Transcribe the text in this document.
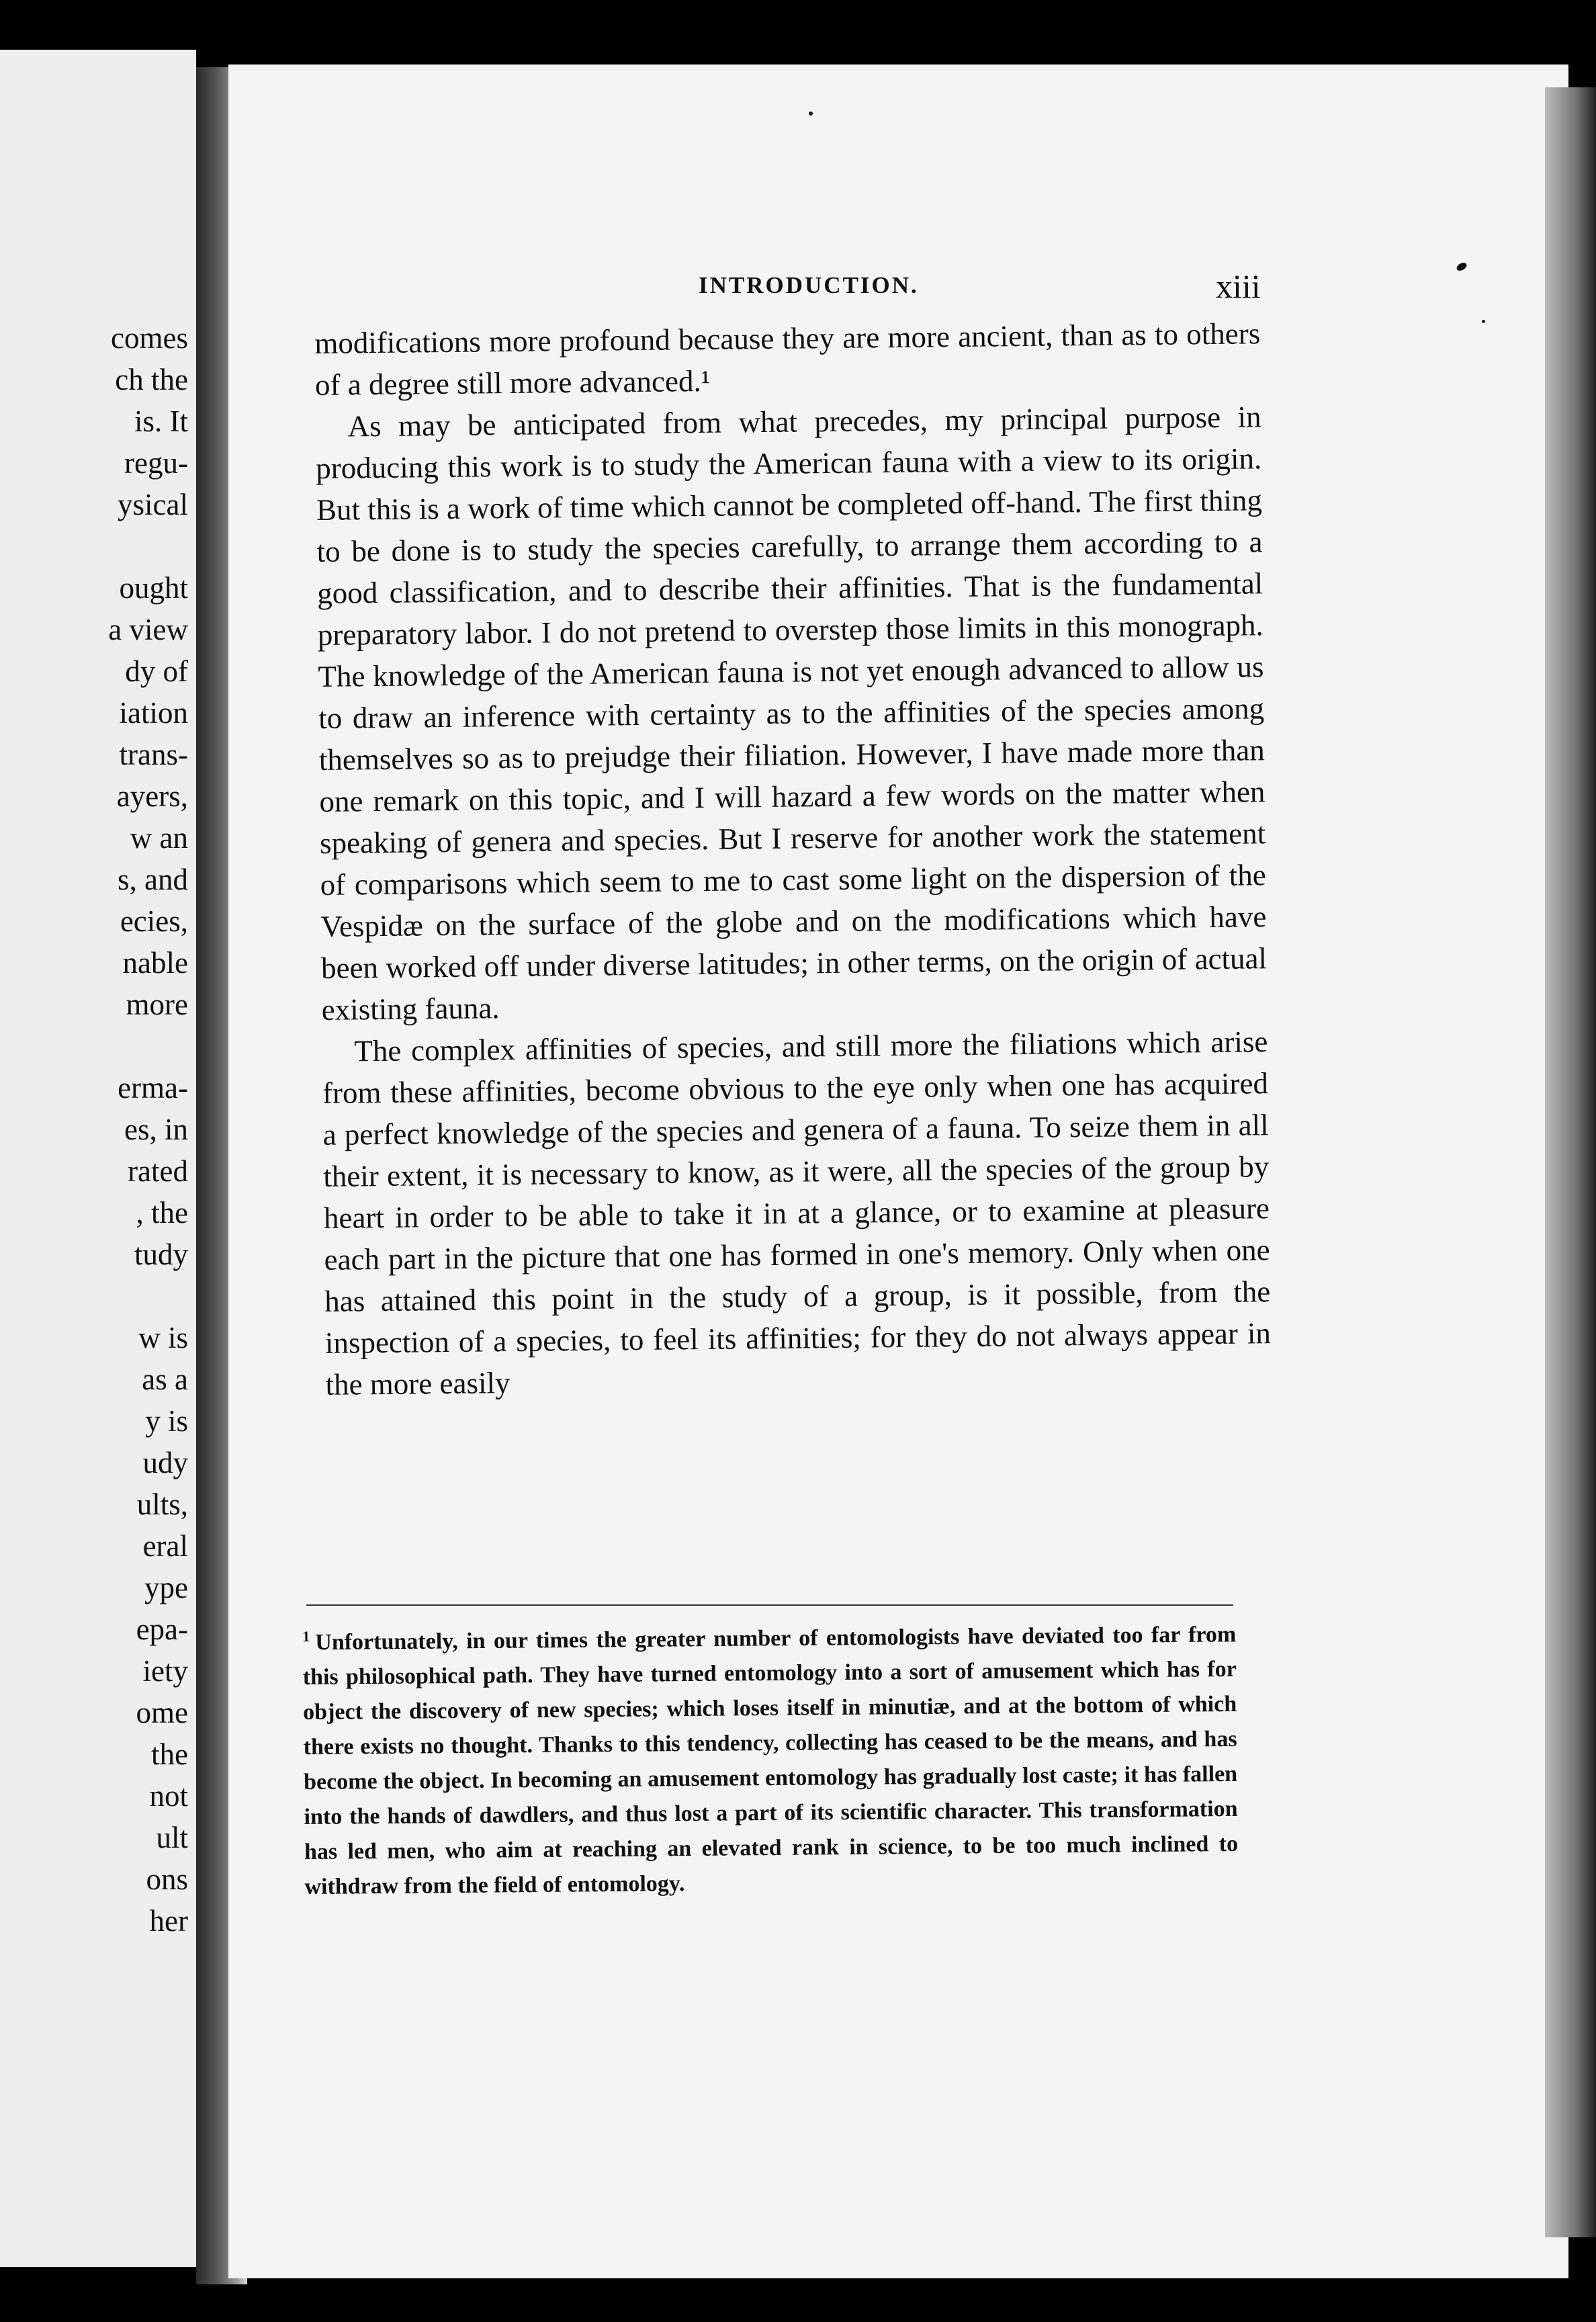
comes
ch the
is. It
regu-
ysical

ought
a view
dy of
iation
trans-
ayers,
w an
s, and
ecies,
nable
more

erma-
es, in
rated
, the
tudy

w is
as a
y is
udy
ults,
eral
ype
epa-
iety
ome
the
not
ult
ons
her
INTRODUCTION.	xiii

modifications more profound because they are more ancient, than as to others of a degree still more advanced.¹

As may be anticipated from what precedes, my principal purpose in producing this work is to study the American fauna with a view to its origin. But this is a work of time which cannot be completed off-hand. The first thing to be done is to study the species carefully, to arrange them according to a good classification, and to describe their affinities. That is the fundamental preparatory labor. I do not pretend to overstep those limits in this monograph. The knowledge of the American fauna is not yet enough advanced to allow us to draw an inference with certainty as to the affinities of the species among themselves so as to prejudge their filiation. However, I have made more than one remark on this topic, and I will hazard a few words on the matter when speaking of genera and species. But I reserve for another work the statement of comparisons which seem to me to cast some light on the dispersion of the Vespidæ on the surface of the globe and on the modifications which have been worked off under diverse latitudes; in other terms, on the origin of actual existing fauna.

The complex affinities of species, and still more the filiations which arise from these affinities, become obvious to the eye only when one has acquired a perfect knowledge of the species and genera of a fauna. To seize them in all their extent, it is necessary to know, as it were, all the species of the group by heart in order to be able to take it in at a glance, or to examine at pleasure each part in the picture that one has formed in one's memory. Only when one has attained this point in the study of a group, is it possible, from the inspection of a species, to feel its affinities; for they do not always appear in the more easily

$^1$ Unfortunately, in our times the greater number of entomologists have deviated too far from this philosophical path. They have turned entomology into a sort of amusement which has for object the discovery of new species; which loses itself in minutiæ, and at the bottom of which there exists no thought. Thanks to this tendency, collecting has ceased to be the means, and has become the object. In becoming an amusement entomology has gradually lost caste; it has fallen into the hands of dawdlers, and thus lost a part of its scientific character. This transformation has led men, who aim at reaching an elevated rank in science, to be too much inclined to withdraw from the field of entomology.
